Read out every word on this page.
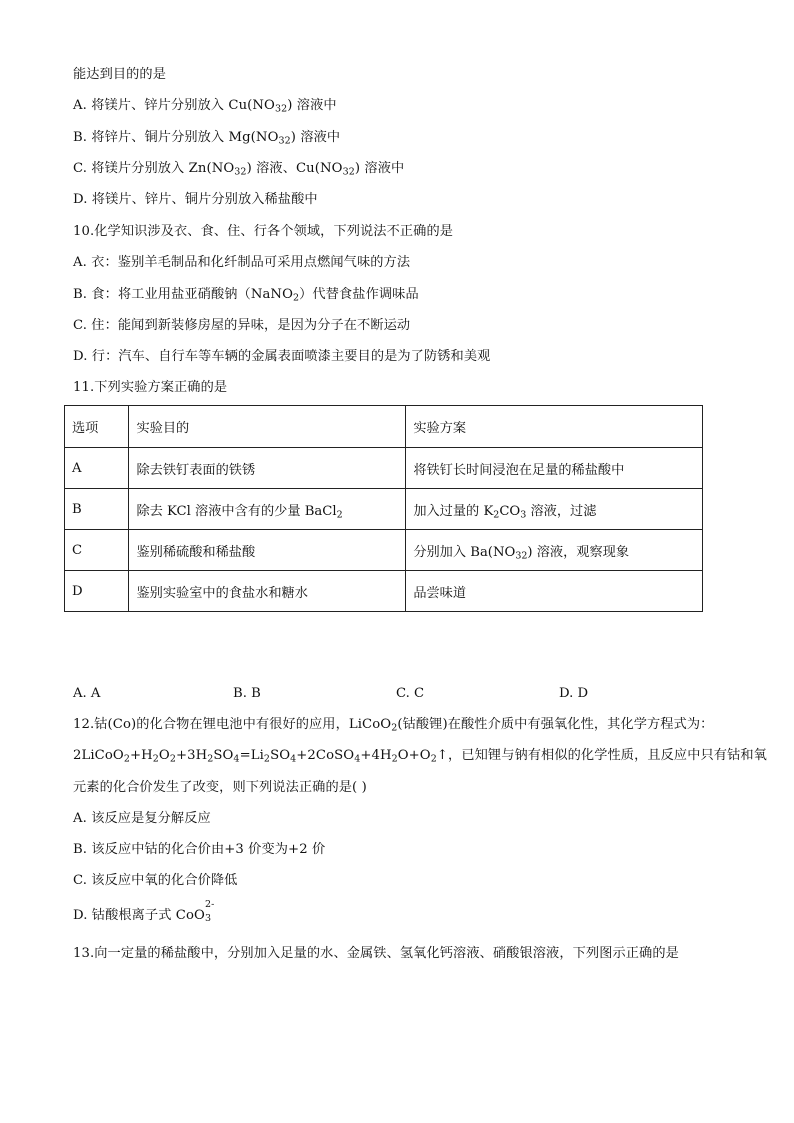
能达到目的的是
A. 将镁片、锌片分别放入 $Cu(NO_{32})$ 溶液中
B. 将锌片、铜片分别放入 $Mg(NO_{32})$ 溶液中
C. 将镁片分别放入 $Zn(NO_{32})$ 溶液、$Cu(NO_{32})$ 溶液中
D. 将镁片、锌片、铜片分别放入稀盐酸中
10.化学知识涉及衣、食、住、行各个领域，下列说法不正确的是
A. 衣：鉴别羊毛制品和化纤制品可采用点燃闻气味的方法
B. 食：将工业用盐亚硝酸钠（NaNO$_2$）代替食盐作调味品
C. 住：能闻到新装修房屋的异味，是因为分子在不断运动
D. 行：汽车、自行车等车辆的金属表面喷漆主要目的是为了防锈和美观
11.下列实验方案正确的是
选项	实验目的	实验方案
A	除去铁钉表面的铁锈	将铁钉长时间浸泡在足量的稀盐酸中
B	除去 KCl 溶液中含有的少量 BaCl$_2$	加入过量的 $K_2CO_3$ 溶液，过滤
C	鉴别稀硫酸和稀盐酸	分别加入 $Ba(NO_{32})$ 溶液，观察现象
D	鉴别实验室中的食盐水和糖水	品尝味道
A. A	B. B	C. C	D. D
12.钴(Co)的化合物在锂电池中有很好的应用，LiCoO$_2$(钴酸锂)在酸性介质中有强氧化性，其化学方程式为：
$2LiCoO_2+H_2O_2+3H_2SO_4=Li_2SO_4+2CoSO_4+4H_2O+O_2↑$，已知锂与钠有相似的化学性质，且反应中只有钴和氧
元素的化合价发生了改变，则下列说法正确的是( )
A. 该反应是复分解反应
B. 该反应中钴的化合价由+3 价变为+2 价
C. 该反应中氧的化合价降低
D. 钴酸根离子式 CoO
2-
3
13.向一定量的稀盐酸中，分别加入足量的水、金属铁、氢氧化钙溶液、硝酸银溶液，下列图示正确的是
